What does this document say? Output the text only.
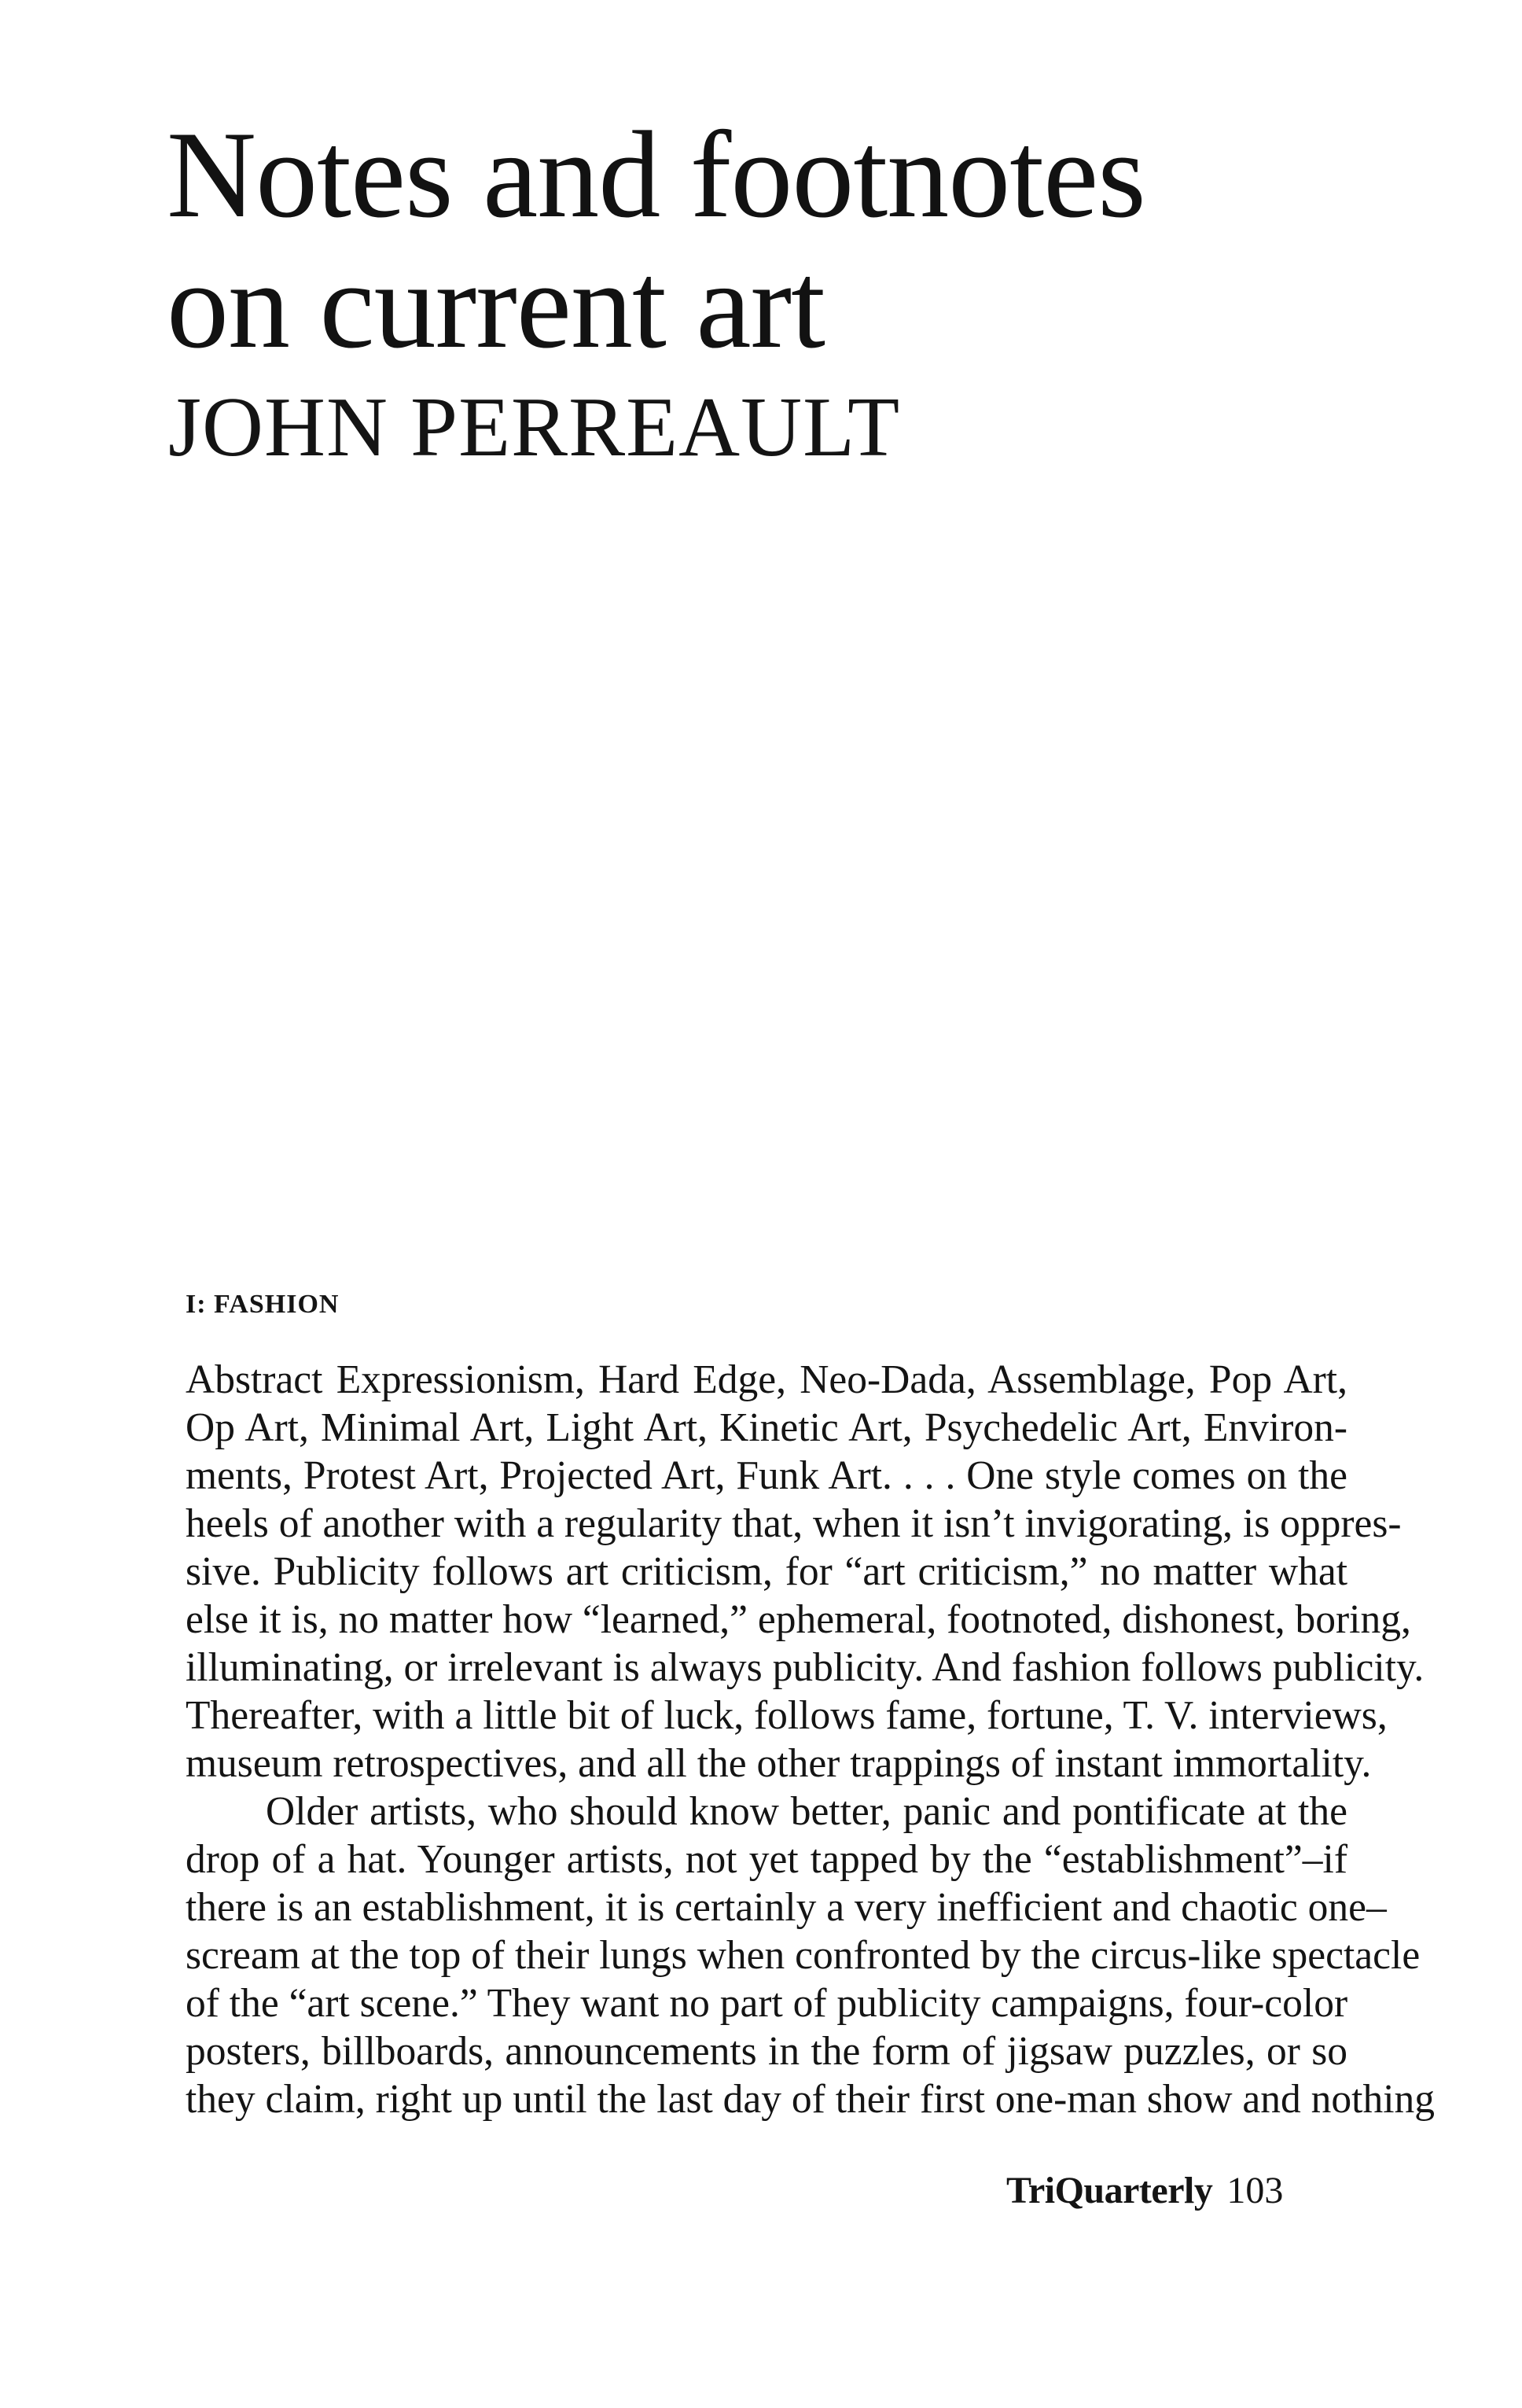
Notes and footnotes
on current art
JOHN PERREAULT
I: FASHION

Abstract Expressionism, Hard Edge, Neo-Dada, Assemblage, Pop Art,
Op Art, Minimal Art, Light Art, Kinetic Art, Psychedelic Art, Environ-
ments, Protest Art, Projected Art, Funk Art. . . . One style comes on the
heels of another with a regularity that, when it isn’t invigorating, is oppres-
sive. Publicity follows art criticism, for “art criticism,” no matter what
else it is, no matter how “learned,” ephemeral, footnoted, dishonest, boring,
illuminating, or irrelevant is always publicity. And fashion follows publicity.
Thereafter, with a little bit of luck, follows fame, fortune, T. V. interviews,
museum retrospectives, and all the other trappings of instant immortality.

Older artists, who should know better, panic and pontificate at the
drop of a hat. Younger artists, not yet tapped by the “establishment”–if
there is an establishment, it is certainly a very inefficient and chaotic one–
scream at the top of their lungs when confronted by the circus-like spectacle
of the “art scene.” They want no part of publicity campaigns, four-color
posters, billboards, announcements in the form of jigsaw puzzles, or so
they claim, right up until the last day of their first one-man show and nothing

TriQuarterly 103
